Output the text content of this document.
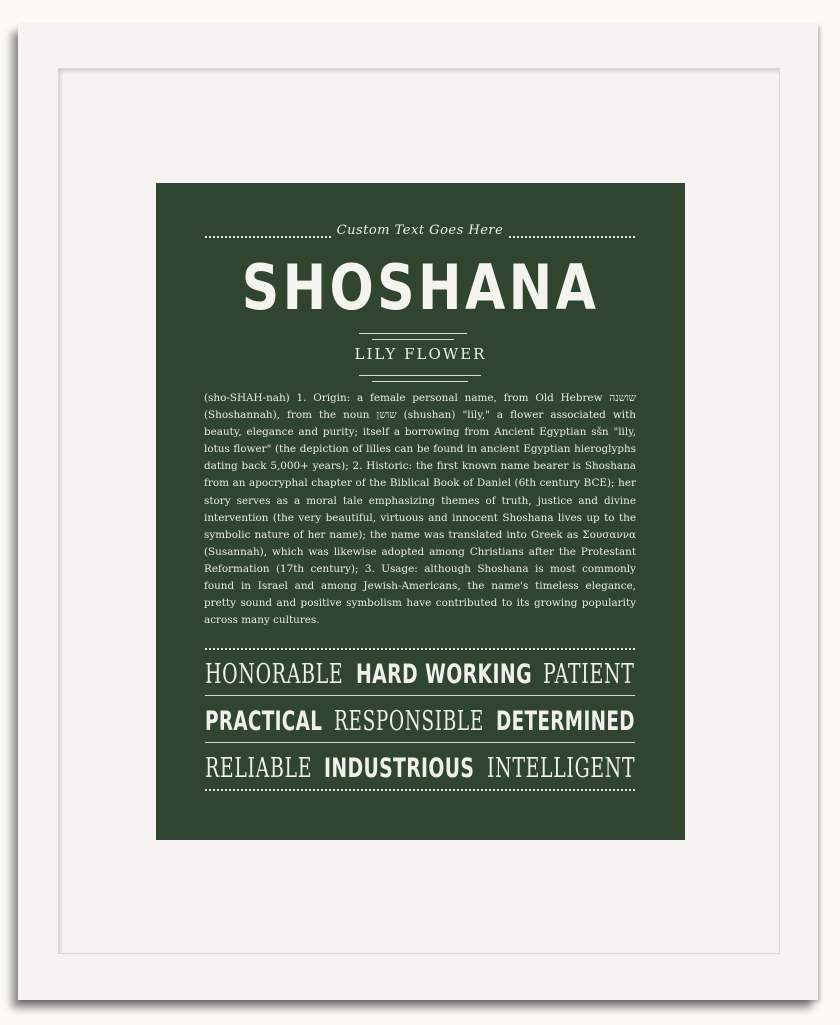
Custom Text Goes Here
SHOSHANA
LILY FLOWER
(sho-SHAH-nah) 1. Origin: a female personal name, from Old Hebrew שושנה (Shoshannah), from the noun שושן (shushan) "lily," a flower associated with beauty, elegance and purity; itself a borrowing from Ancient Egyptian sšn "lily, lotus flower" (the depiction of lilies can be found in ancient Egyptian hieroglyphs dating back 5,000+ years); 2. Historic: the first known name bearer is Shoshana from an apocryphal chapter of the Biblical Book of Daniel (6th century BCE); her story serves as a moral tale emphasizing themes of truth, justice and divine intervention (the very beautiful, virtuous and innocent Shoshana lives up to the symbolic nature of her name); the name was translated into Greek as Σουσαννα (Susannah), which was likewise adopted among Christians after the Protestant Reformation (17th century); 3. Usage: although Shoshana is most commonly found in Israel and among Jewish-Americans, the name's timeless elegance, pretty sound and positive symbolism have contributed to its growing popularity across many cultures.
HONORABLE HARD WORKING PATIENT
PRACTICAL RESPONSIBLE DETERMINED
RELIABLE INDUSTRIOUS INTELLIGENT
